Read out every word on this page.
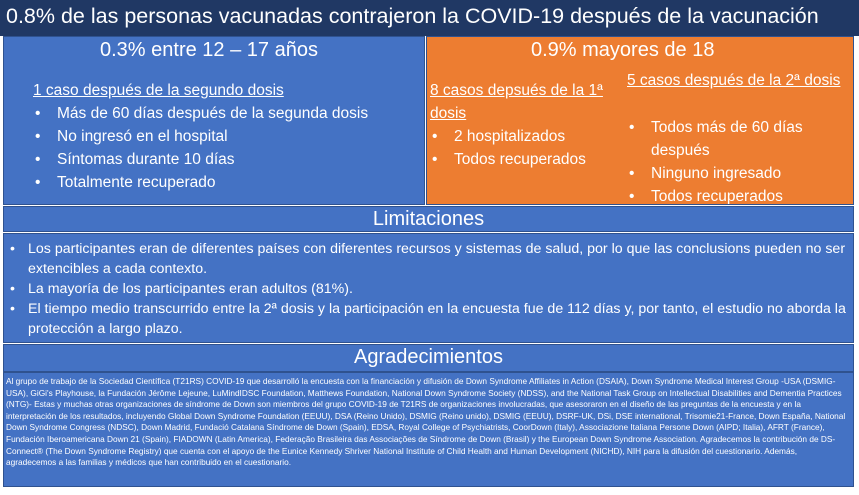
0.8% de las personas vacunadas contrajeron la COVID-19 después de la vacunación
0.3% entre 12 – 17 años
1 caso después de la segundo dosis
• Más de 60 días después de la segunda dosis
• No ingresó en el hospital
• Síntomas durante 10 días
• Totalmente recuperado
0.9% mayores de 18
8 casos depsués de la 1ª dosis
• 2 hospitalizados
• Todos recuperados
5 casos después de la 2ª dosis
• Todos más de 60 días después
• Ninguno ingresado
• Todos recuperados
Limitaciones
• Los participantes eran de diferentes países con diferentes recursos y sistemas de salud, por lo que las conclusions pueden no ser extencibles a cada contexto.
• La mayoría de los participantes eran adultos (81%).
• El tiempo medio transcurrido entre la 2ª dosis y la participación en la encuesta fue de 112 días y, por tanto, el estudio no aborda la protección a largo plazo.
Agradecimientos
Al grupo de trabajo de la Sociedad Científica (T21RS) COVID-19 que desarrolló la encuesta con la financiación y difusión de Down Syndrome Affiliates in Action (DSAIA), Down Syndrome Medical Interest Group -USA (DSMIG-USA), GiGi's Playhouse, la Fundación Jérôme Lejeune, LuMindIDSC Foundation, Matthews Foundation, National Down Syndrome Society (NDSS), and the National Task Group on Intellectual Disabilities and Dementia Practices (NTG)- Estas y muchas otras organizaciones de síndrome de Down son miembros del grupo COVID-19 de T21RS de organizaciones involucradas, que asesoraron en el diseño de las preguntas de la encuesta y en la interpretación de los resultados, incluyendo Global Down Syndrome Foundation (EEUU), DSA (Reino Unido), DSMIG (Reino unido), DSMIG (EEUU), DSRF-UK, DSi, DSE international, Trisomie21-France, Down España, National Down Syndrome Congress (NDSC), Down Madrid, Fundació Catalana Síndrome de Down (Spain), EDSA, Royal College of Psychiatrists, CoorDown (Italy), Associazione Italiana Persone Down (AIPD; Italia), AFRT (France), Fundación Iberoamericana Down 21 (Spain), FIADOWN (Latin America), Federação Brasileira das Associações de Síndrome de Down (Brasil) y the European Down Syndrome Association. Agradecemos la contribución de DS-Connect® (The Down Syndrome Registry) que cuenta con el apoyo de the Eunice Kennedy Shriver National Institute of Child Health and Human Development (NICHD), NIH para la difusión del cuestionario. Además, agradecemos a las familias y médicos que han contribuido en el cuestionario.
